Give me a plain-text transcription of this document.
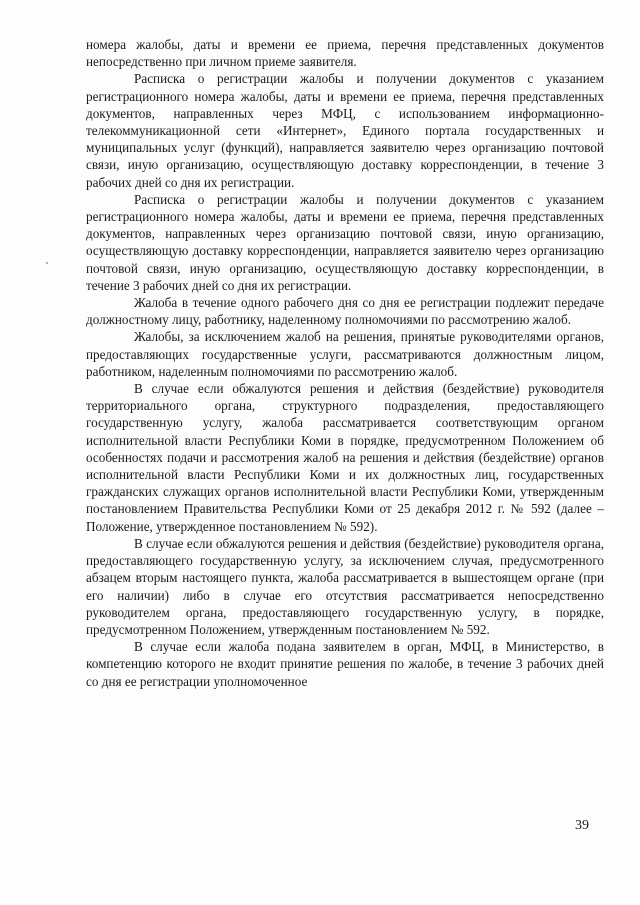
номера жалобы, даты и времени ее приема, перечня представленных документов непосредственно при личном приеме заявителя.

Расписка о регистрации жалобы и получении документов с указанием регистрационного номера жалобы, даты и времени ее приема, перечня представленных документов, направленных через МФЦ, с использованием информационно-телекоммуникационной сети «Интернет», Единого портала государственных и муниципальных услуг (функций), направляется заявителю через организацию почтовой связи, иную организацию, осуществляющую доставку корреспонденции, в течение 3 рабочих дней со дня их регистрации.

Расписка о регистрации жалобы и получении документов с указанием регистрационного номера жалобы, даты и времени ее приема, перечня представленных документов, направленных через организацию почтовой связи, иную организацию, осуществляющую доставку корреспонденции, направляется заявителю через организацию почтовой связи, иную организацию, осуществляющую доставку корреспонденции, в течение 3 рабочих дней со дня их регистрации.

Жалоба в течение одного рабочего дня со дня ее регистрации подлежит передаче должностному лицу, работнику, наделенному полномочиями по рассмотрению жалоб.

Жалобы, за исключением жалоб на решения, принятые руководителями органов, предоставляющих государственные услуги, рассматриваются должностным лицом, работником, наделенным полномочиями по рассмотрению жалоб.

В случае если обжалуются решения и действия (бездействие) руководителя территориального органа, структурного подразделения, предоставляющего государственную услугу, жалоба рассматривается соответствующим органом исполнительной власти Республики Коми в порядке, предусмотренном Положением об особенностях подачи и рассмотрения жалоб на решения и действия (бездействие) органов исполнительной власти Республики Коми и их должностных лиц, государственных гражданских служащих органов исполнительной власти Республики Коми, утвержденным постановлением Правительства Республики Коми от 25 декабря 2012 г. № 592 (далее – Положение, утвержденное постановлением № 592).

В случае если обжалуются решения и действия (бездействие) руководителя органа, предоставляющего государственную услугу, за исключением случая, предусмотренного абзацем вторым настоящего пункта, жалоба рассматривается в вышестоящем органе (при его наличии) либо в случае его отсутствия рассматривается непосредственно руководителем органа, предоставляющего государственную услугу, в порядке, предусмотренном Положением, утвержденным постановлением № 592.

В случае если жалоба подана заявителем в орган, МФЦ, в Министерство, в компетенцию которого не входит принятие решения по жалобе, в течение 3 рабочих дней со дня ее регистрации уполномоченное

39
